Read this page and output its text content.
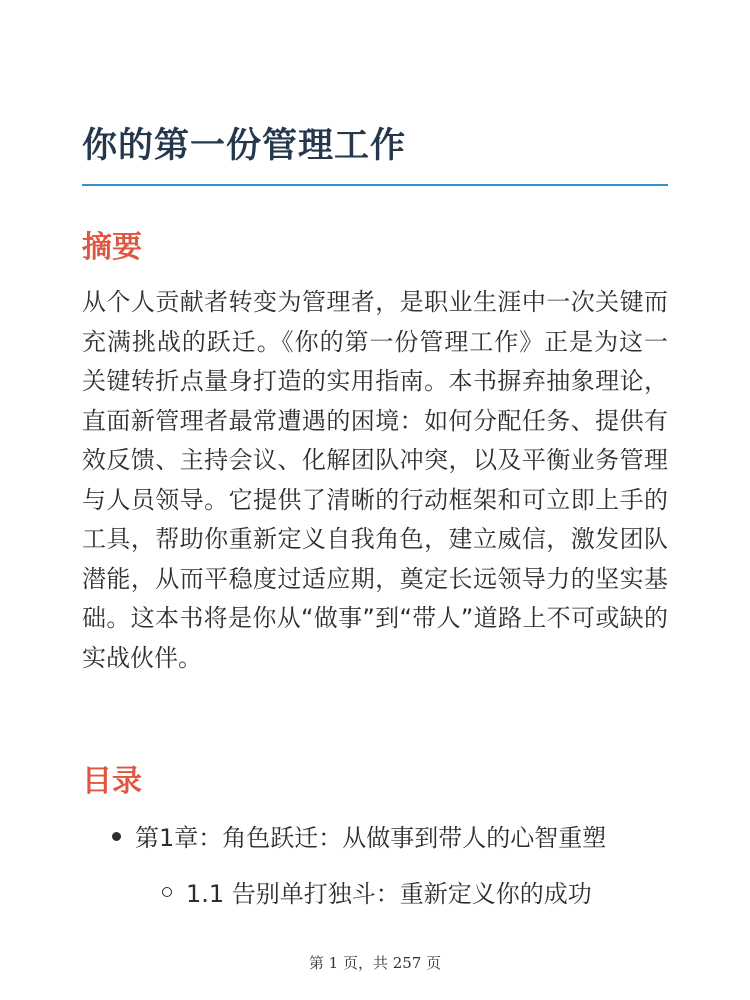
你的第一份管理工作
摘要

从个人贡献者转变为管理者，是职业生涯中一次关键而充满挑战的跃迁。《你的第一份管理工作》正是为这一关键转折点量身打造的实用指南。本书摒弃抽象理论，直面新管理者最常遭遇的困境：如何分配任务、提供有效反馈、主持会议、化解团队冲突，以及平衡业务管理与人员领导。它提供了清晰的行动框架和可立即上手的工具，帮助你重新定义自我角色，建立威信，激发团队潜能，从而平稳度过适应期，奠定长远领导力的坚实基础。这本书将是你从“做事”到“带人”道路上不可或缺的实战伙伴。

目录
第1章：角色跃迁：从做事到带人的心智重塑
1.1 告别单打独斗：重新定义你的成功
第 1 页，共 257 页
